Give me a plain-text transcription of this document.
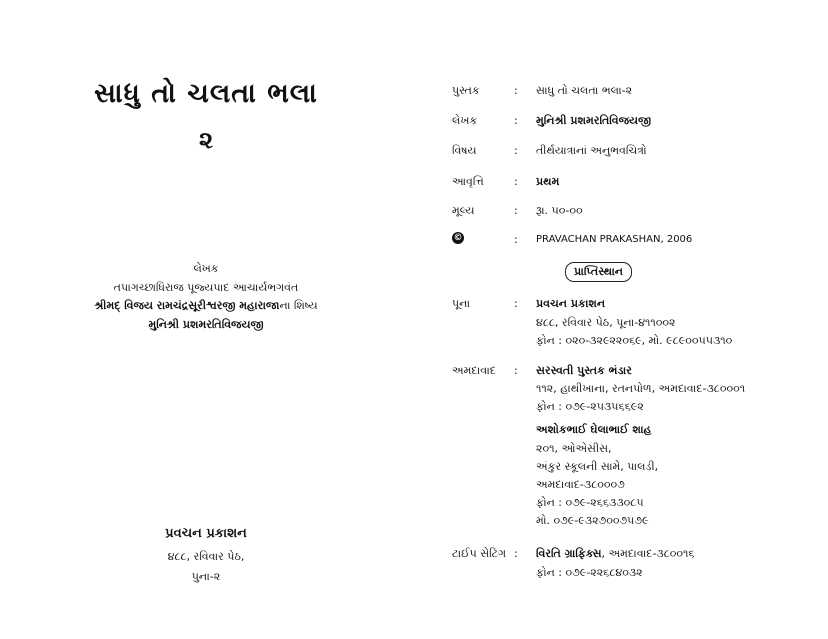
સાધુ તો ચલતા ભલા
૨
લેખક
તપાગચ્છાધિરાજ પૂજ્યપાદ આચાર્યભગવંત
શ્રીમદ્ વિજય રામચંદ્રસૂરીશ્વરજી મહારાજાના શિષ્ય
મુનિશ્રી પ્રશમરતિવિજયજી
પ્રવચન પ્રકાશન
૪૮૮, રવિવાર પેઠ,
પુના-૨
પુસ્તક	: સાધુ તો ચલતા ભલા-૨
લેખક	: મુનિશ્રી પ્રશમરતિવિજયજી
વિષય	: તીર્થયાત્રાનાં અનુભવચિત્રો
આવૃત્તિ	: પ્રથમ
મૂલ્ય	: રૂા. ૫૦-૦૦
©	: PRAVACHAN PRAKASHAN, 2006
પ્રાપ્તિસ્થાન
પૂના	: પ્રવચન પ્રકાશન
૪૮૮, રવિવાર પેઠ, પૂના-૪૧૧૦૦૨
ફોન : ૦૨૦-૩૨૯૨૨૦૬૯, મો. ૯૮૯૦૦૫૫૩૧૦
અમદાવાદ : સરસ્વતી પુસ્તક ભંડાર
૧૧૨, હાથીખાના, રતનપોળ, અમદાવાદ-૩૮૦૦૦૧
ફોન : ૦૭૯-૨૫૩૫૬૬૯૨
અશોકભાઈ ઘેલાભાઈ શાહ
૨૦૧, ઓએસીસ,
અંકુર સ્કૂલની સામે, પાલડી,
અમદાવાદ-૩૮૦૦૦૭
ફોન : ૦૭૯-૨૬૬૩૩૦૮૫
મો. ૦૭૯-૯૩૨૭૦૦૭૫૭૯
ટાઈપ સેટિંગ : વિરતિ ગ્રાફિક્સ, અમદાવાદ-૩૮૦૦૧૬
ફોન : ૦૭૯-૨૨૬૮૪૦૩૨
